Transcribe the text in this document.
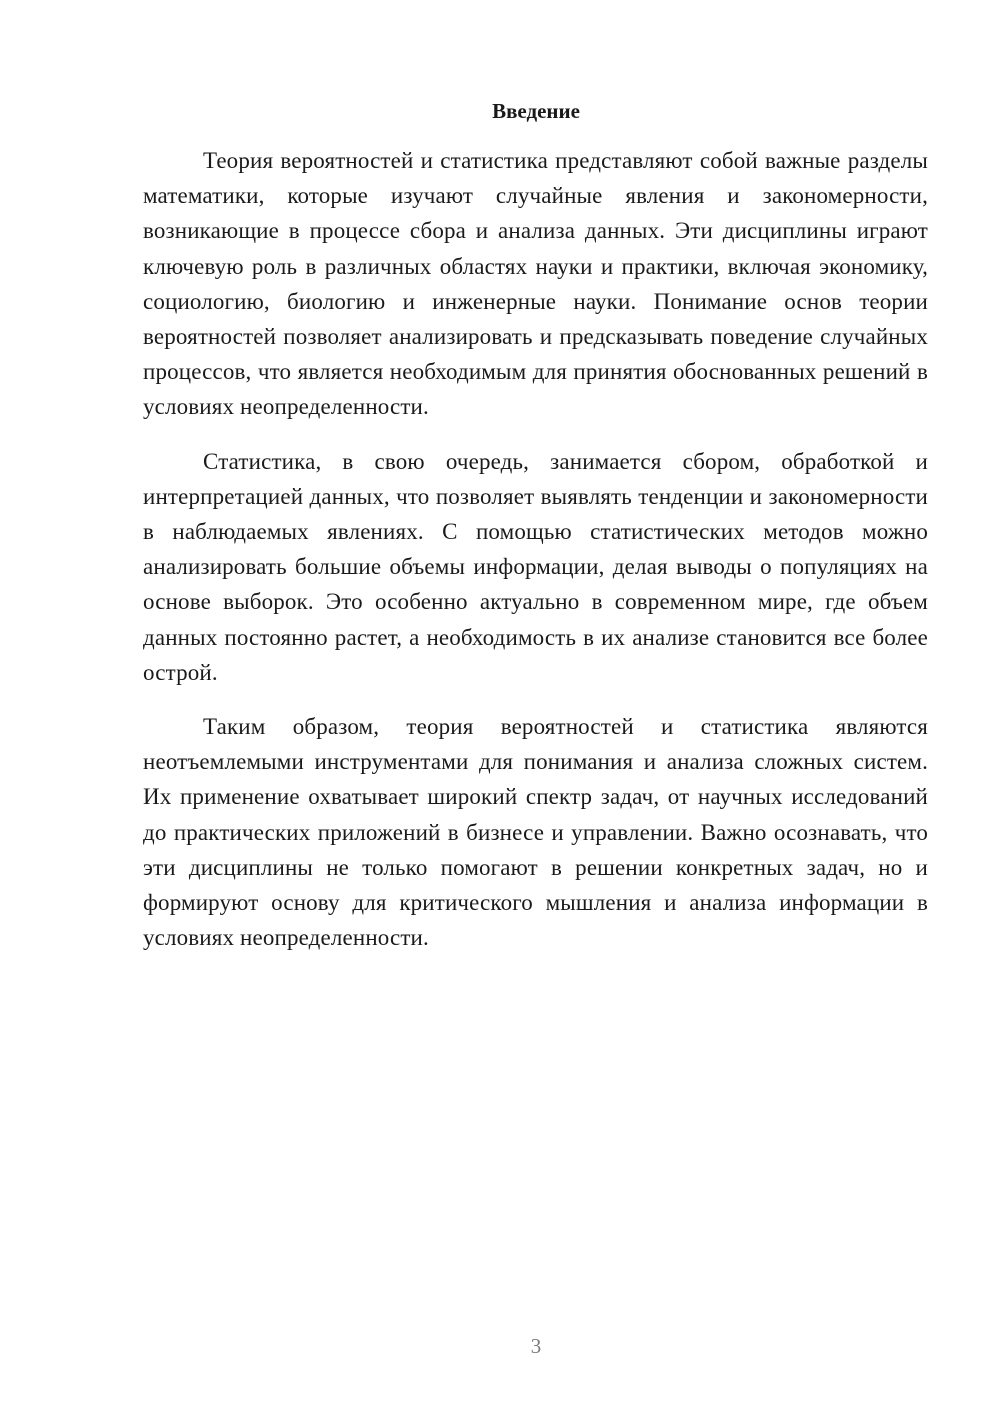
Введение

Теория вероятностей и статистика представляют собой важные разделы математики, которые изучают случайные явления и закономерности, возникающие в процессе сбора и анализа данных. Эти дисциплины играют ключевую роль в различных областях науки и практики, включая экономику, социологию, биологию и инженерные науки. Понимание основ теории вероятностей позволяет анализировать и предсказывать поведение случайных процессов, что является необходимым для принятия обоснованных решений в условиях неопределенности.

Статистика, в свою очередь, занимается сбором, обработкой и интерпретацией данных, что позволяет выявлять тенденции и закономерности в наблюдаемых явлениях. С помощью статистических методов можно анализировать большие объемы информации, делая выводы о популяциях на основе выборок. Это особенно актуально в современном мире, где объем данных постоянно растет, а необходимость в их анализе становится все более острой.

Таким образом, теория вероятностей и статистика являются неотъемлемыми инструментами для понимания и анализа сложных систем. Их применение охватывает широкий спектр задач, от научных исследований до практических приложений в бизнесе и управлении. Важно осознавать, что эти дисциплины не только помогают в решении конкретных задач, но и формируют основу для критического мышления и анализа информации в условиях неопределенности.

3
